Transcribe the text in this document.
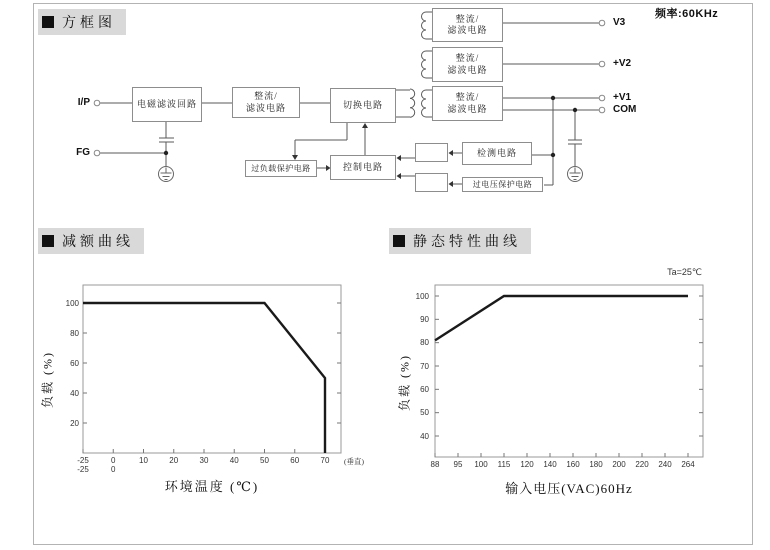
方框图
减额曲线	静态特性曲线
频率:60KHz
电磁滤波回路
整流/
滤波电路	切换电路
整流/
滤波电路
整流/
滤波电路
整流/
滤波电路
过负载保护电路	控制电路
检测电路
过电压保护电路
I/P
FG
V3
+V2
+V1
COM
-25	0	10	20	30	40	50	60	70
-25	0
20
40
60
80
100
88	95	100	115	120	140	160	180	200	220	240	264
40
50
60
70
80
90
100
环境温度 (℃)
负载 (%)
(垂直)
输入电压(VAC)60Hz
负载 (%)
Ta=25℃
